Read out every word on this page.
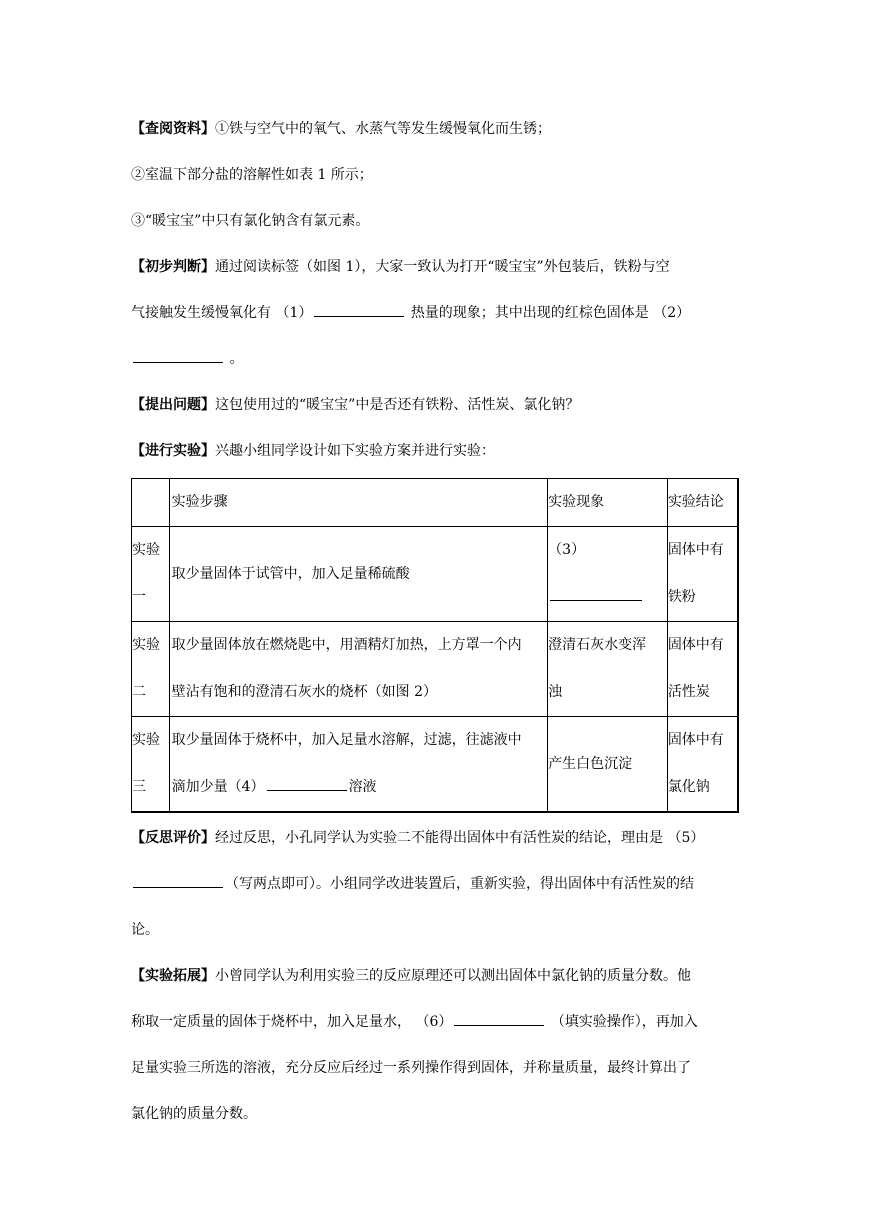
【查阅资料】①铁与空气中的氧气、水蒸气等发生缓慢氧化而生锈；

②室温下部分盐的溶解性如表 1 所示；

③“暖宝宝”中只有氯化钠含有氯元素。

【初步判断】通过阅读标签（如图 1），大家一致认为打开“暖宝宝”外包装后，铁粉与空
气接触发生缓慢氧化有 （1）	热量的现象；其中出现的红棕色固体是 （2）
。

【提出问题】这包使用过的“暖宝宝”中是否还有铁粉、活性炭、氯化钠？

【进行实验】兴趣小组同学设计如下实验方案并进行实验：

	实验步骤	实验现象	实验结论

实验
一	取少量固体于试管中，加入足量稀硫酸	（3）	固体中有
铁粉

实验
二	取少量固体放在燃烧匙中，用酒精灯加热，上方罩一个内
壁沾有饱和的澄清石灰水的烧杯（如图 2）	澄清石灰水变浑
浊	固体中有
活性炭

实验
三	取少量固体于烧杯中，加入足量水溶解，过滤，往滤液中
滴加少量（4） 溶液	产生白色沉淀	固体中有
氯化钠

【反思评价】经过反思，小孔同学认为实验二不能得出固体中有活性炭的结论，理由是 （5）
（写两点即可）。小组同学改进装置后，重新实验，得出固体中有活性炭的结
论。

【实验拓展】小曾同学认为利用实验三的反应原理还可以测出固体中氯化钠的质量分数。他
称取一定质量的固体于烧杯中，加入足量水， （6）	（填实验操作），再加入
足量实验三所选的溶液，充分反应后经过一系列操作得到固体，并称量质量，最终计算出了
氯化钠的质量分数。
